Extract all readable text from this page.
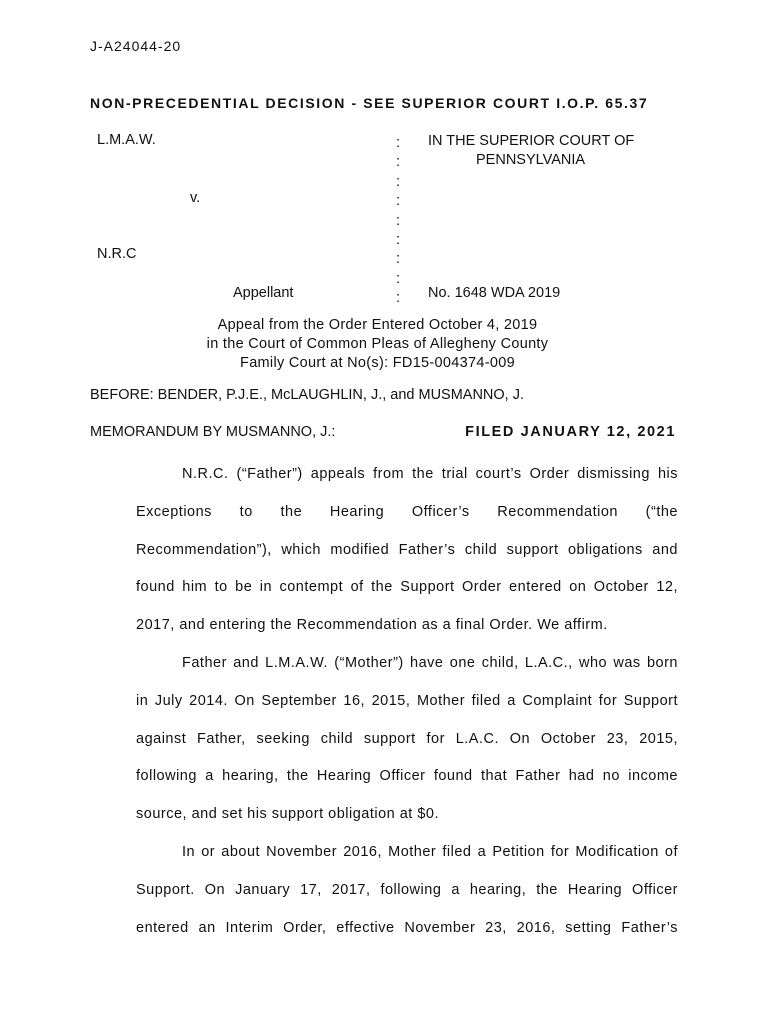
J-A24044-20
NON-PRECEDENTIAL DECISION - SEE SUPERIOR COURT I.O.P. 65.37
L.M.A.W.
v.
N.R.C
Appellant
:
:
:
:
:
:
:
:
:
IN THE SUPERIOR COURT OF
PENNSYLVANIA
No. 1648 WDA 2019
Appeal from the Order Entered October 4, 2019
in the Court of Common Pleas of Allegheny County
Family Court at No(s): FD15-004374-009
BEFORE: BENDER, P.J.E., McLAUGHLIN, J., and MUSMANNO, J.
MEMORANDUM BY MUSMANNO, J.:	FILED JANUARY 12, 2021

N.R.C. (“Father”) appeals from the trial court’s Order dismissing his
Exceptions to the Hearing Officer’s Recommendation (“the
Recommendation”), which modified Father’s child support obligations and
found him to be in contempt of the Support Order entered on October 12,
2017, and entering the Recommendation as a final Order. We affirm.

Father and L.M.A.W. (“Mother”) have one child, L.A.C., who was born
in July 2014. On September 16, 2015, Mother filed a Complaint for Support
against Father, seeking child support for L.A.C. On October 23, 2015,
following a hearing, the Hearing Officer found that Father had no income
source, and set his support obligation at $0.

In or about November 2016, Mother filed a Petition for Modification of
Support. On January 17, 2017, following a hearing, the Hearing Officer
entered an Interim Order, effective November 23, 2016, setting Father’s
